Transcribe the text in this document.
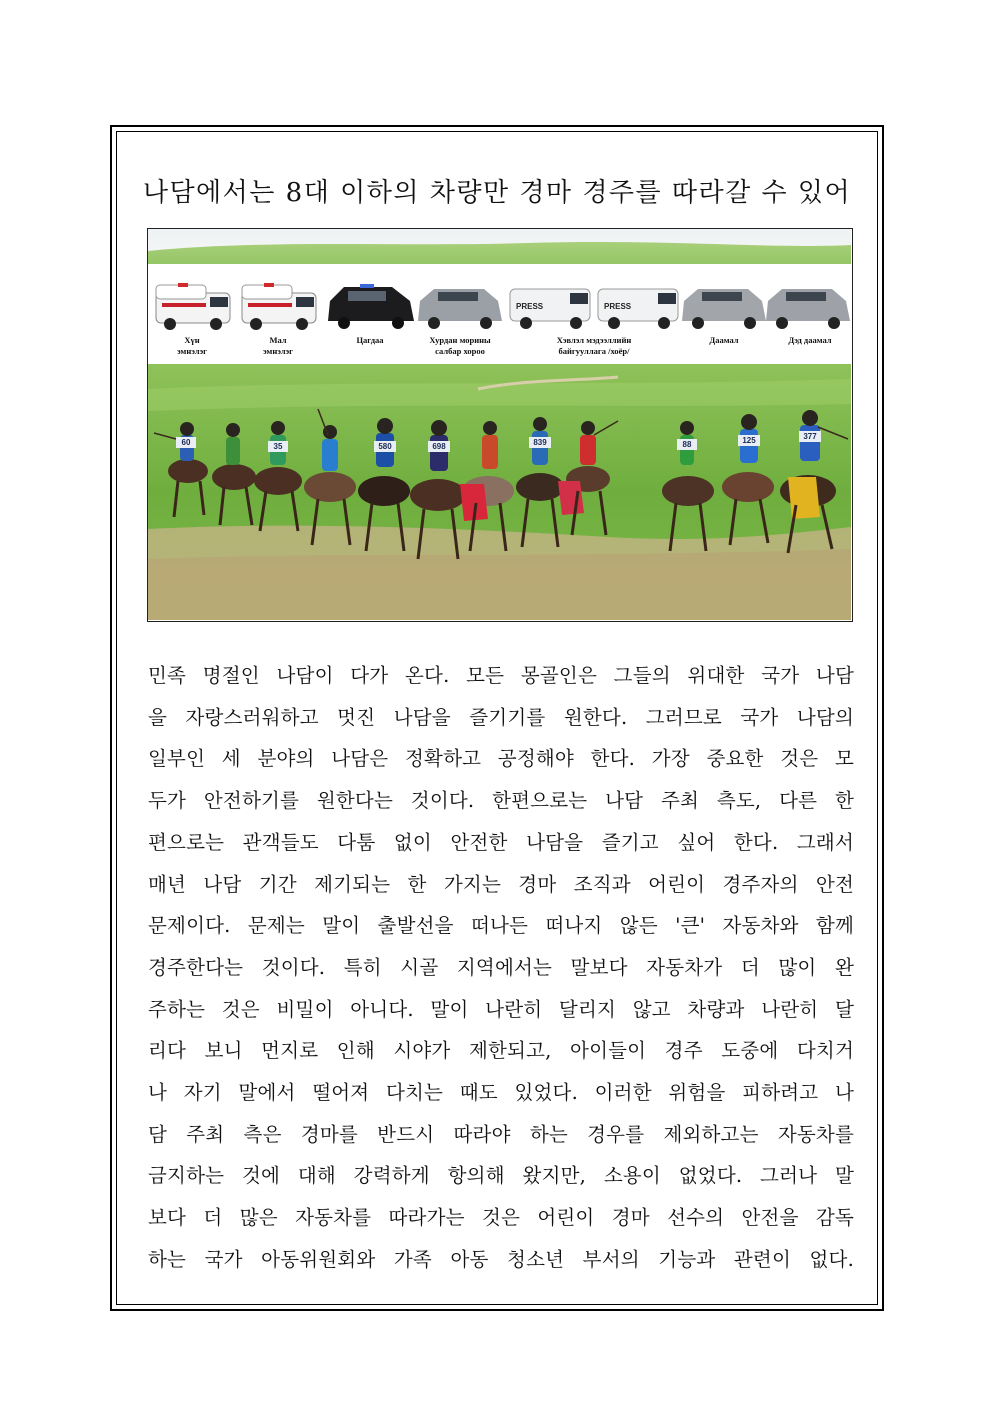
나담에서는 8대 이하의 차량만 경마 경주를 따라갈 수 있어
PRESS	PRESS
Хүн
эмнэлэг
Мал
эмнэлэг
Цагдаа	Хурдан морины
салбар хороо
Хэвлэл мэдээллийн
байгууллага /хоёр/
Даамал	Дэд даамал
60	35	580	698	839	88	125	377

민족 명절인 나담이 다가 온다. 모든 몽골인은 그들의 위대한 국가 나담
을 자랑스러워하고 멋진 나담을 즐기기를 원한다. 그러므로 국가 나담의
일부인 세 분야의 나담은 정확하고 공정해야 한다. 가장 중요한 것은 모
두가 안전하기를 원한다는 것이다. 한편으로는 나담 주최 측도, 다른 한
편으로는 관객들도 다툼 없이 안전한 나담을 즐기고 싶어 한다. 그래서
매년 나담 기간 제기되는 한 가지는 경마 조직과 어린이 경주자의 안전
문제이다. 문제는 말이 출발선을 떠나든 떠나지 않든 '큰' 자동차와 함께
경주한다는 것이다. 특히 시골 지역에서는 말보다 자동차가 더 많이 완
주하는 것은 비밀이 아니다. 말이 나란히 달리지 않고 차량과 나란히 달
리다 보니 먼지로 인해 시야가 제한되고, 아이들이 경주 도중에 다치거
나 자기 말에서 떨어져 다치는 때도 있었다. 이러한 위험을 피하려고 나
담 주최 측은 경마를 반드시 따라야 하는 경우를 제외하고는 자동차를
금지하는 것에 대해 강력하게 항의해 왔지만, 소용이 없었다. 그러나 말
보다 더 많은 자동차를 따라가는 것은 어린이 경마 선수의 안전을 감독
하는 국가 아동위원회와 가족 아동 청소년 부서의 기능과 관련이 없다.
